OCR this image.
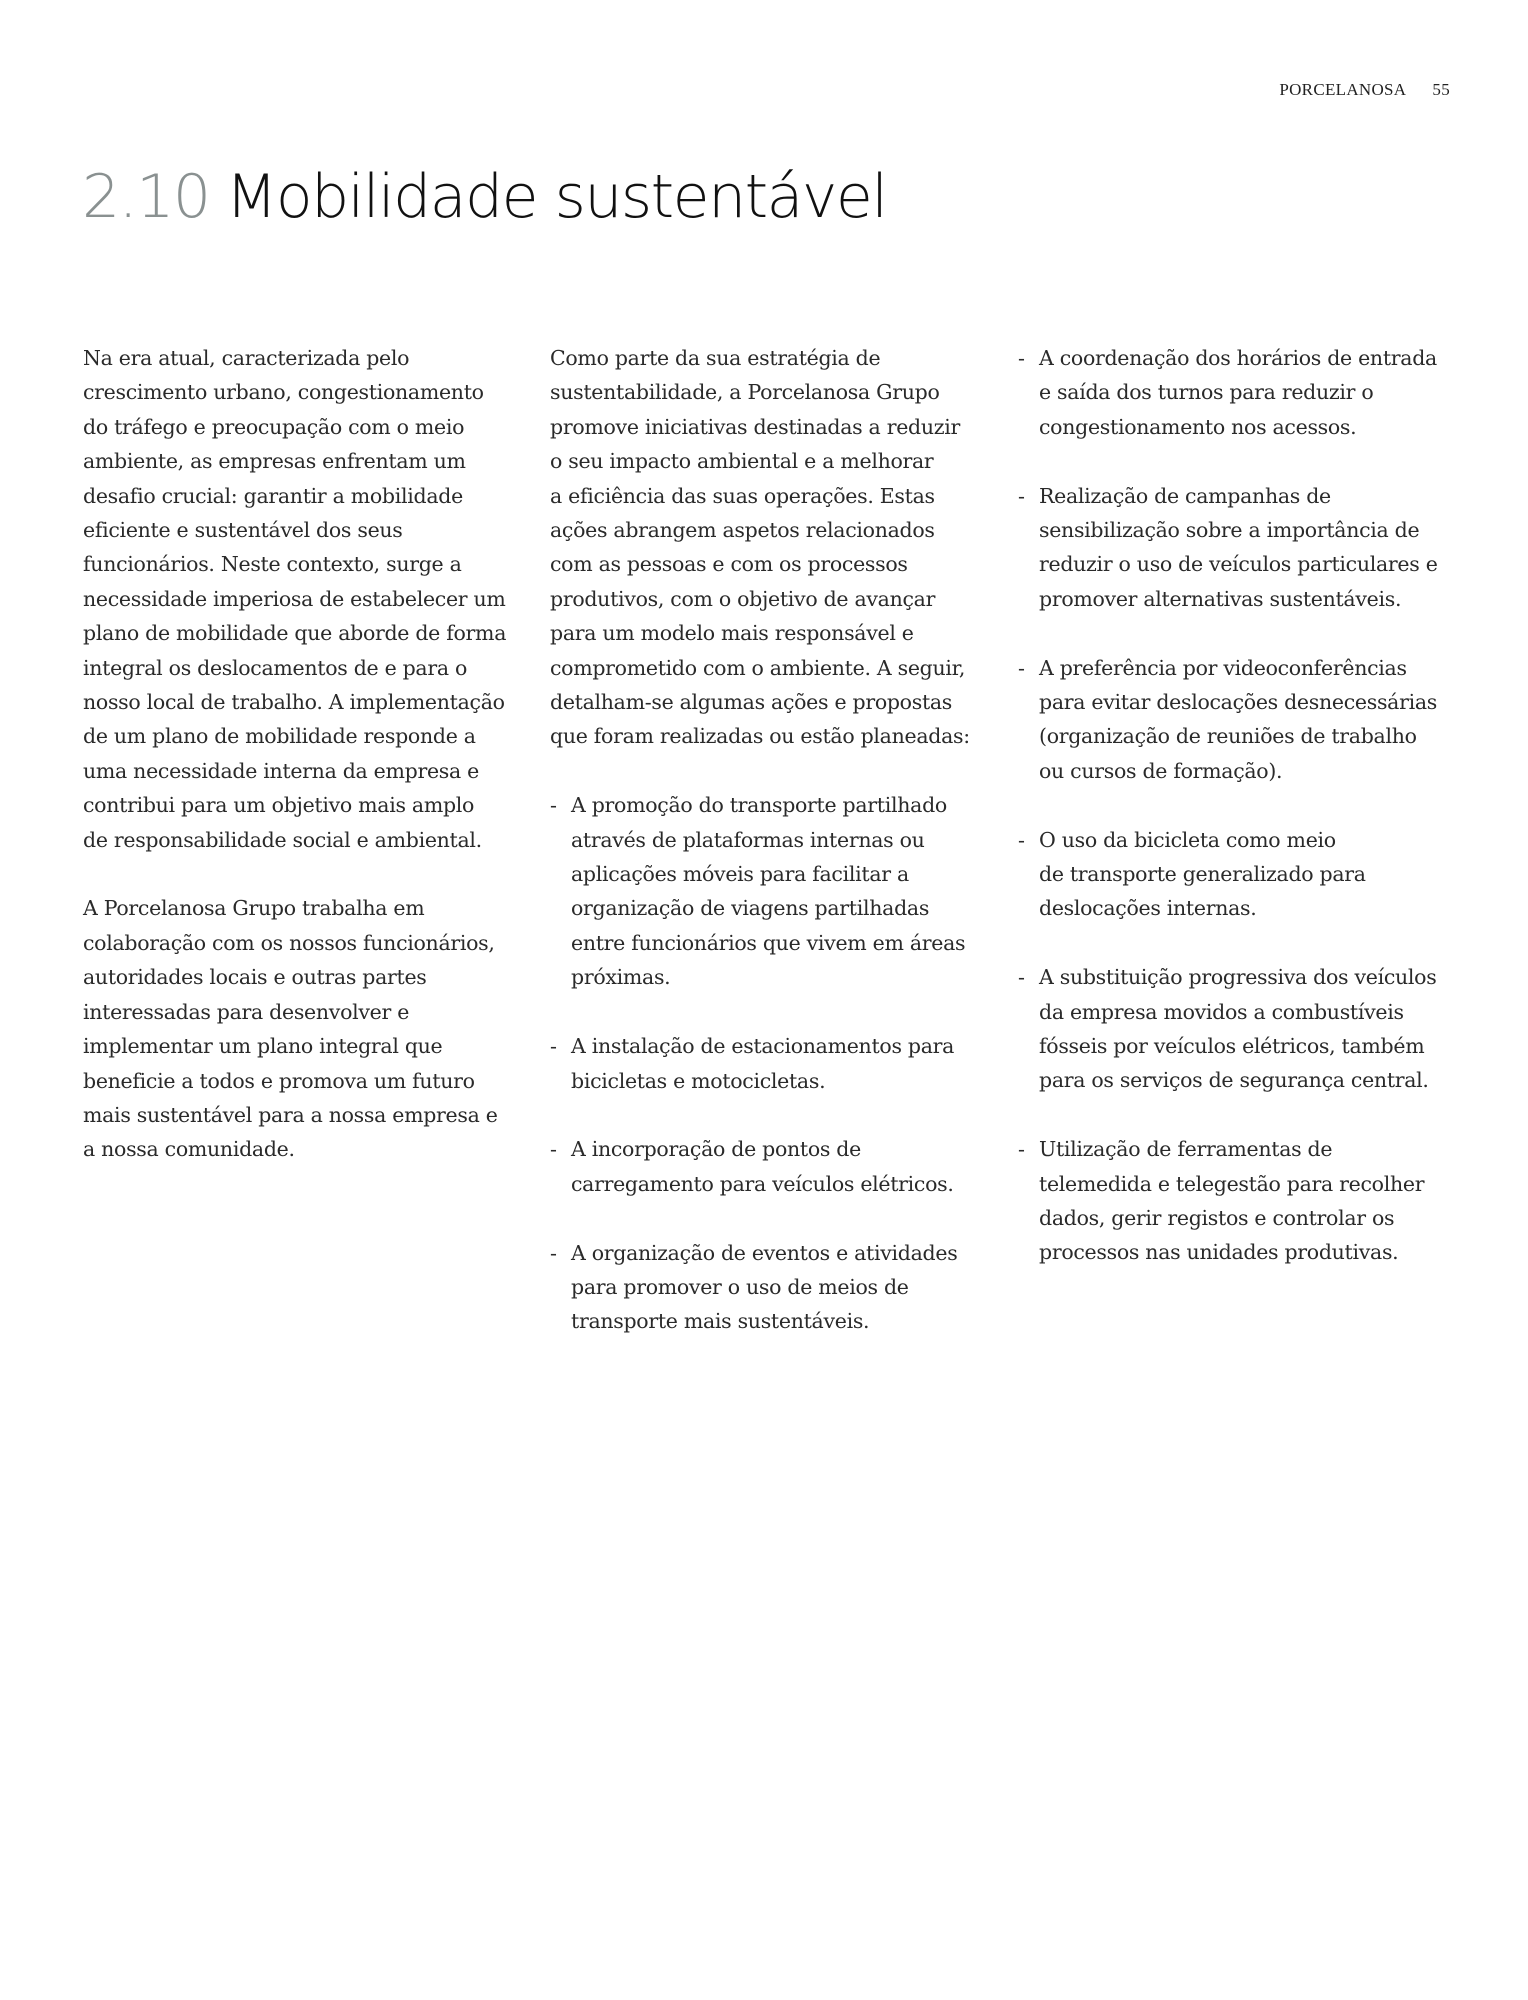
PORCELANOSA 55
2.10 Mobilidade sustentável
Na era atual, caracterizada pelo
crescimento urbano, congestionamento
do tráfego e preocupação com o meio
ambiente, as empresas enfrentam um
desafio crucial: garantir a mobilidade
eficiente e sustentável dos seus
funcionários. Neste contexto, surge a
necessidade imperiosa de estabelecer um
plano de mobilidade que aborde de forma
integral os deslocamentos de e para o
nosso local de trabalho. A implementação
de um plano de mobilidade responde a
uma necessidade interna da empresa e
contribui para um objetivo mais amplo
de responsabilidade social e ambiental.
A Porcelanosa Grupo trabalha em
colaboração com os nossos funcionários,
autoridades locais e outras partes
interessadas para desenvolver e
implementar um plano integral que
beneficie a todos e promova um futuro
mais sustentável para a nossa empresa e
a nossa comunidade.
Como parte da sua estratégia de
sustentabilidade, a Porcelanosa Grupo
promove iniciativas destinadas a reduzir
o seu impacto ambiental e a melhorar
a eficiência das suas operações. Estas
ações abrangem aspetos relacionados
com as pessoas e com os processos
produtivos, com o objetivo de avançar
para um modelo mais responsável e
comprometido com o ambiente. A seguir,
detalham-se algumas ações e propostas
que foram realizadas ou estão planeadas:
- A promoção do transporte partilhado
através de plataformas internas ou
aplicações móveis para facilitar a
organização de viagens partilhadas
entre funcionários que vivem em áreas
próximas.
- A instalação de estacionamentos para
bicicletas e motocicletas.
- A incorporação de pontos de
carregamento para veículos elétricos.
- A organização de eventos e atividades
para promover o uso de meios de
transporte mais sustentáveis.
- A coordenação dos horários de entrada
e saída dos turnos para reduzir o
congestionamento nos acessos.
- Realização de campanhas de
sensibilização sobre a importância de
reduzir o uso de veículos particulares e
promover alternativas sustentáveis.
- A preferência por videoconferências
para evitar deslocações desnecessárias
(organização de reuniões de trabalho
ou cursos de formação).
- O uso da bicicleta como meio
de transporte generalizado para
deslocações internas.
- A substituição progressiva dos veículos
da empresa movidos a combustíveis
fósseis por veículos elétricos, também
para os serviços de segurança central.
- Utilização de ferramentas de
telemedida e telegestão para recolher
dados, gerir registos e controlar os
processos nas unidades produtivas.
